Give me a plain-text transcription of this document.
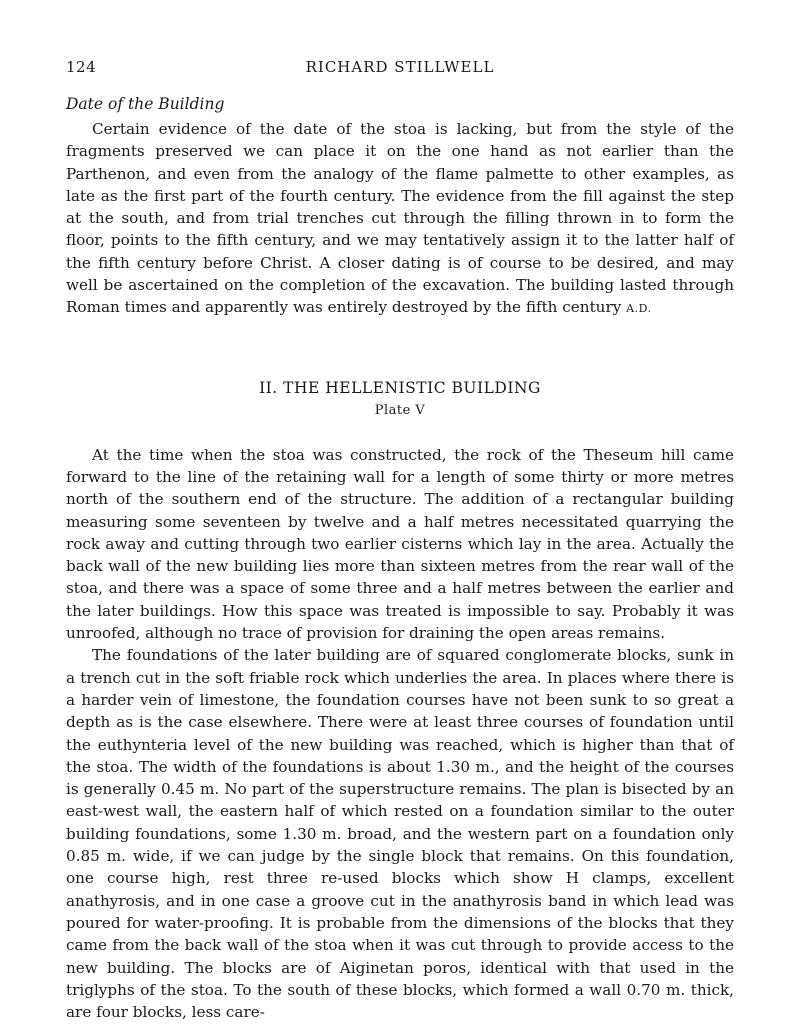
124	RICHARD STILLWELL
Date of the Building

Certain evidence of the date of the stoa is lacking, but from the style of the fragments preserved we can place it on the one hand as not earlier than the Parthenon, and even from the analogy of the flame palmette to other examples, as late as the first part of the fourth century. The evidence from the fill against the step at the south, and from trial trenches cut through the filling thrown in to form the floor, points to the fifth century, and we may tentatively assign it to the latter half of the fifth century before Christ. A closer dating is of course to be desired, and may well be ascertained on the completion of the excavation. The building lasted through Roman times and apparently was entirely destroyed by the fifth century A.D.

II. THE HELLENISTIC BUILDING
Plate V

At the time when the stoa was constructed, the rock of the Theseum hill came forward to the line of the retaining wall for a length of some thirty or more metres north of the southern end of the structure. The addition of a rectangular building measuring some seventeen by twelve and a half metres necessitated quarrying the rock away and cutting through two earlier cisterns which lay in the area. Actually the back wall of the new building lies more than sixteen metres from the rear wall of the stoa, and there was a space of some three and a half metres between the earlier and the later buildings. How this space was treated is impossible to say. Probably it was unroofed, although no trace of provision for draining the open areas remains.

The foundations of the later building are of squared conglomerate blocks, sunk in a trench cut in the soft friable rock which underlies the area. In places where there is a harder vein of limestone, the foundation courses have not been sunk to so great a depth as is the case elsewhere. There were at least three courses of foundation until the euthynteria level of the new building was reached, which is higher than that of the stoa. The width of the foundations is about 1.30 m., and the height of the courses is generally 0.45 m. No part of the superstructure remains. The plan is bisected by an east-west wall, the eastern half of which rested on a foundation similar to the outer building foundations, some 1.30 m. broad, and the western part on a foundation only 0.85 m. wide, if we can judge by the single block that remains. On this foundation, one course high, rest three re-used blocks which show H clamps, excellent anathyrosis, and in one case a groove cut in the anathyrosis band in which lead was poured for water-proofing. It is probable from the dimensions of the blocks that they came from the back wall of the stoa when it was cut through to provide access to the new building. The blocks are of Aiginetan poros, identical with that used in the triglyphs of the stoa. To the south of these blocks, which formed a wall 0.70 m. thick, are four blocks, less care-
